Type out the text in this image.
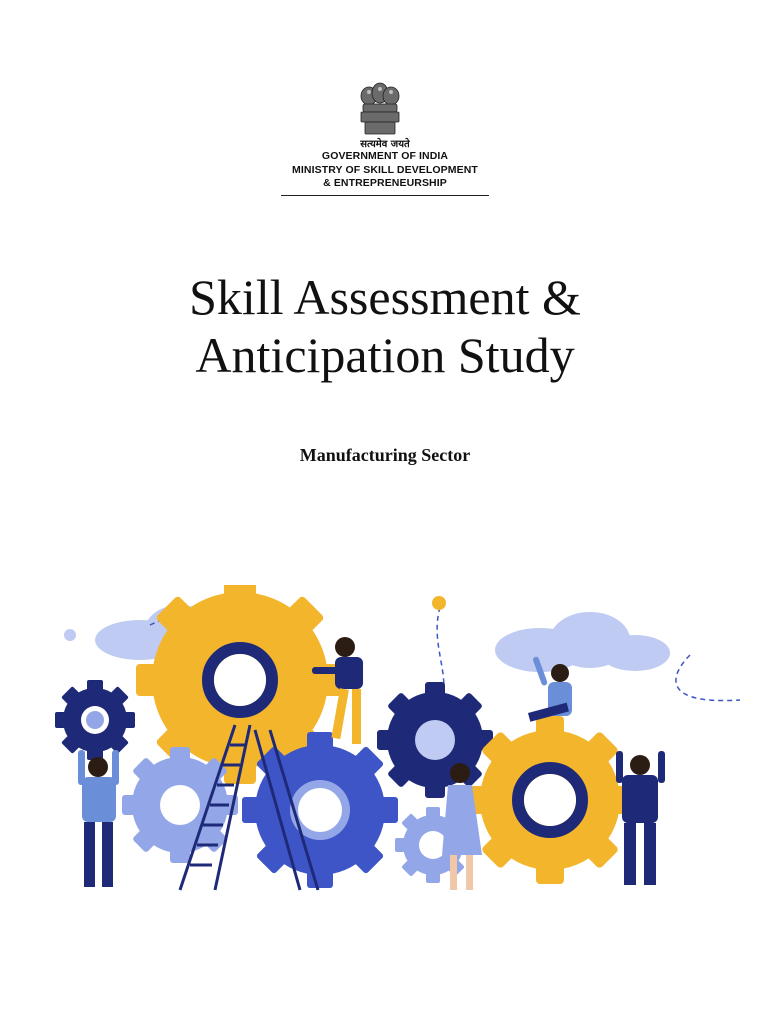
सत्यमेव जयते
GOVERNMENT OF INDIA
MINISTRY OF SKILL DEVELOPMENT
& ENTREPRENEURSHIP
Skill Assessment &
Anticipation Study
Manufacturing Sector
